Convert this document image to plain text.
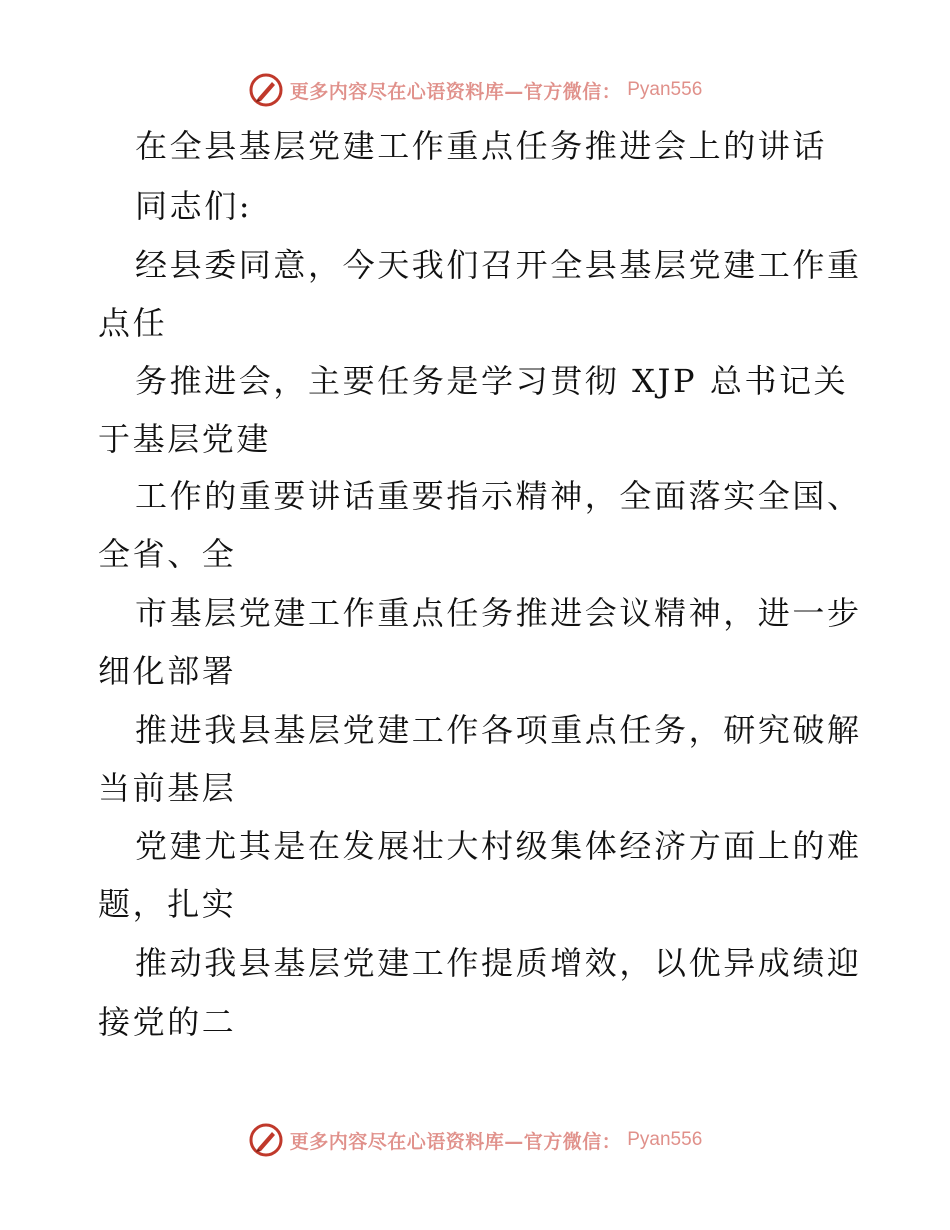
更多内容尽在心语资料库—官方微信： Pyan556
在全县基层党建工作重点任务推进会上的讲话
同志们:
经县委同意，今天我们召开全县基层党建工作重
点任
务推进会，主要任务是学习贯彻 XJP 总书记关
于基层党建
工作的重要讲话重要指示精神，全面落实全国、
全省、全
市基层党建工作重点任务推进会议精神，进一步
细化部署
推进我县基层党建工作各项重点任务，研究破解
当前基层
党建尤其是在发展壮大村级集体经济方面上的难
题，扎实
推动我县基层党建工作提质增效，以优异成绩迎
接党的二
更多内容尽在心语资料库—官方微信： Pyan556
